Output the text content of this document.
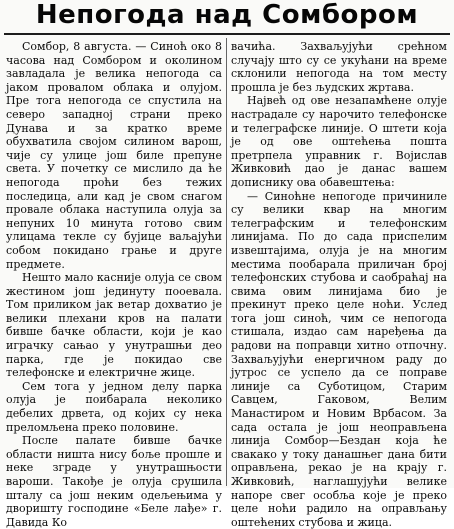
Непогода над Сомбором

Сомбор, 8 августа. — Синоћ око 8 часова над Сомбором и околином завладала је велика непогода са јаком провалом облака и олујом. Пре тога непогода се спустила на северо западној страни преко Дунава и за кратко време обухватила својом силином варош, чије су улице још биле препуне света. У почетку се мислило да ће непогода проћи без тежих последица, али кад је свом снагом провале облака наступила олуја за непуних 10 минута готово свим улицама текле су бујице ваљајући собом покидано грање и друге предмете.

Нешто мало касније олуја се свом жестином још јединуту пооевала. Том приликом јак ветар дохватио је велики плехани кров на палати бивше бачке области, који је као играчку сањао у унутрашњи део парка, где је покидао све телефонске и електричне жице.

Сем тога у једном делу парка олуја је поибарала неколико дебелих дрвета, од којих су нека преломљена преко половине.

После палате бивше бачке области ништа нису боље прошле и неке зграде у унутрашњости вароши. Такође је олуја срушила шталу са још неким одељењима у дворишту господине «Беле лађе» г. Давида Ко

вачића. Захваљујући срећном случају што су се укућани на време склонили непогода на том месту прошла је без људских жртава.

Највећ од ове незапамћене олује настрадале су нарочито телефонске и телеграфске линије. О штети која је од ове оштећења поштa претрпела управник г. Војислав Живковић дао је данас вашем дописнику ова обавештења:

— Синоћне непогоде причиниле су велики квар на многим телеграфским и телефонским линијама. По до сада приспелим извештајима, олуја је на многим местима пообарала приличан број телефонских стубова и саобраћај на свима овим линијама био је прекинут преко целе ноћи. Услед тога још синоћ, чим се непогода стишала, издао сам наређења да радови на поправци хитно отпочну. Захваљујући енергичном раду до јутрос се успело да се поправе линије са Суботицом, Старим Савцем, Гаковом, Вeлим Манастиром и Новим Врбасом. За сада остала је још неоправљена линија Сомбор—Бездан која ће свакако у току данашњег дана бити оправљена, рекао је на крају г. Живковић, наглашујући велике напоре свег особља које је преко целе ноћи радило на оправљању оштећених стубова и жица.
